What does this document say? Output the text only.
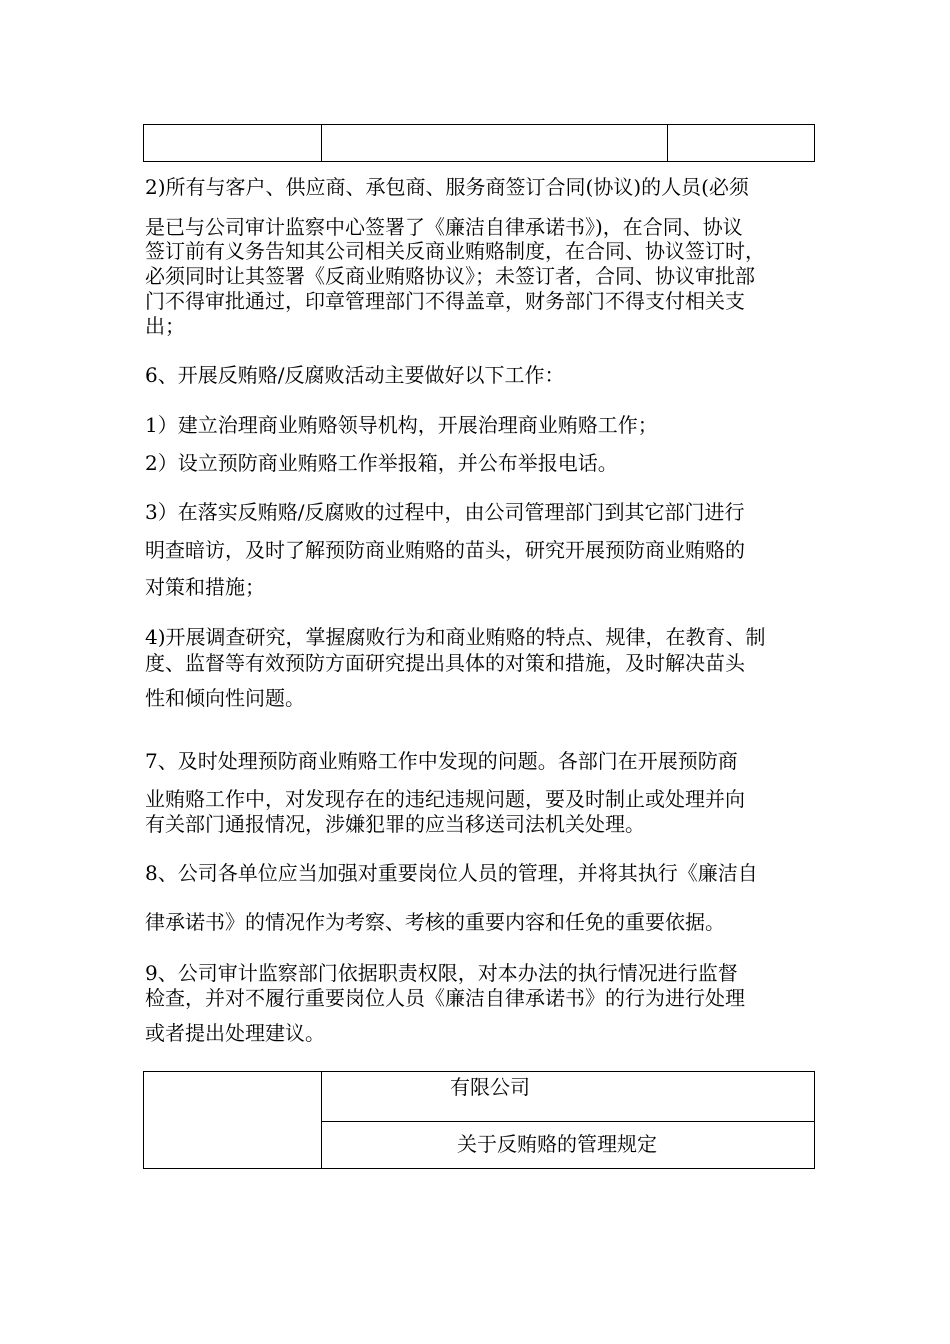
2)所有与客户、供应商、承包商、服务商签订合同(协议)的人员(必须
是已与公司审计监察中心签署了《廉洁自律承诺书》)，在合同、协议
签订前有义务告知其公司相关反商业贿赂制度，在合同、协议签订时，
必须同时让其签署《反商业贿赂协议》；未签订者，合同、协议审批部
门不得审批通过，印章管理部门不得盖章，财务部门不得支付相关支
出；
6、开展反贿赂/反腐败活动主要做好以下工作：
1）建立治理商业贿赂领导机构，开展治理商业贿赂工作；
2）设立预防商业贿赂工作举报箱，并公布举报电话。
3）在落实反贿赂/反腐败的过程中，由公司管理部门到其它部门进行
明查暗访，及时了解预防商业贿赂的苗头，研究开展预防商业贿赂的
对策和措施；
4)开展调查研究，掌握腐败行为和商业贿赂的特点、规律，在教育、制
度、监督等有效预防方面研究提出具体的对策和措施，及时解决苗头
性和倾向性问题。
7、及时处理预防商业贿赂工作中发现的问题。各部门在开展预防商
业贿赂工作中，对发现存在的违纪违规问题，要及时制止或处理并向
有关部门通报情况，涉嫌犯罪的应当移送司法机关处理。
8、公司各单位应当加强对重要岗位人员的管理，并将其执行《廉洁自
律承诺书》的情况作为考察、考核的重要内容和任免的重要依据。
9、公司审计监察部门依据职责权限，对本办法的执行情况进行监督
检查，并对不履行重要岗位人员《廉洁自律承诺书》的行为进行处理
或者提出处理建议。
有限公司
关于反贿赂的管理规定
